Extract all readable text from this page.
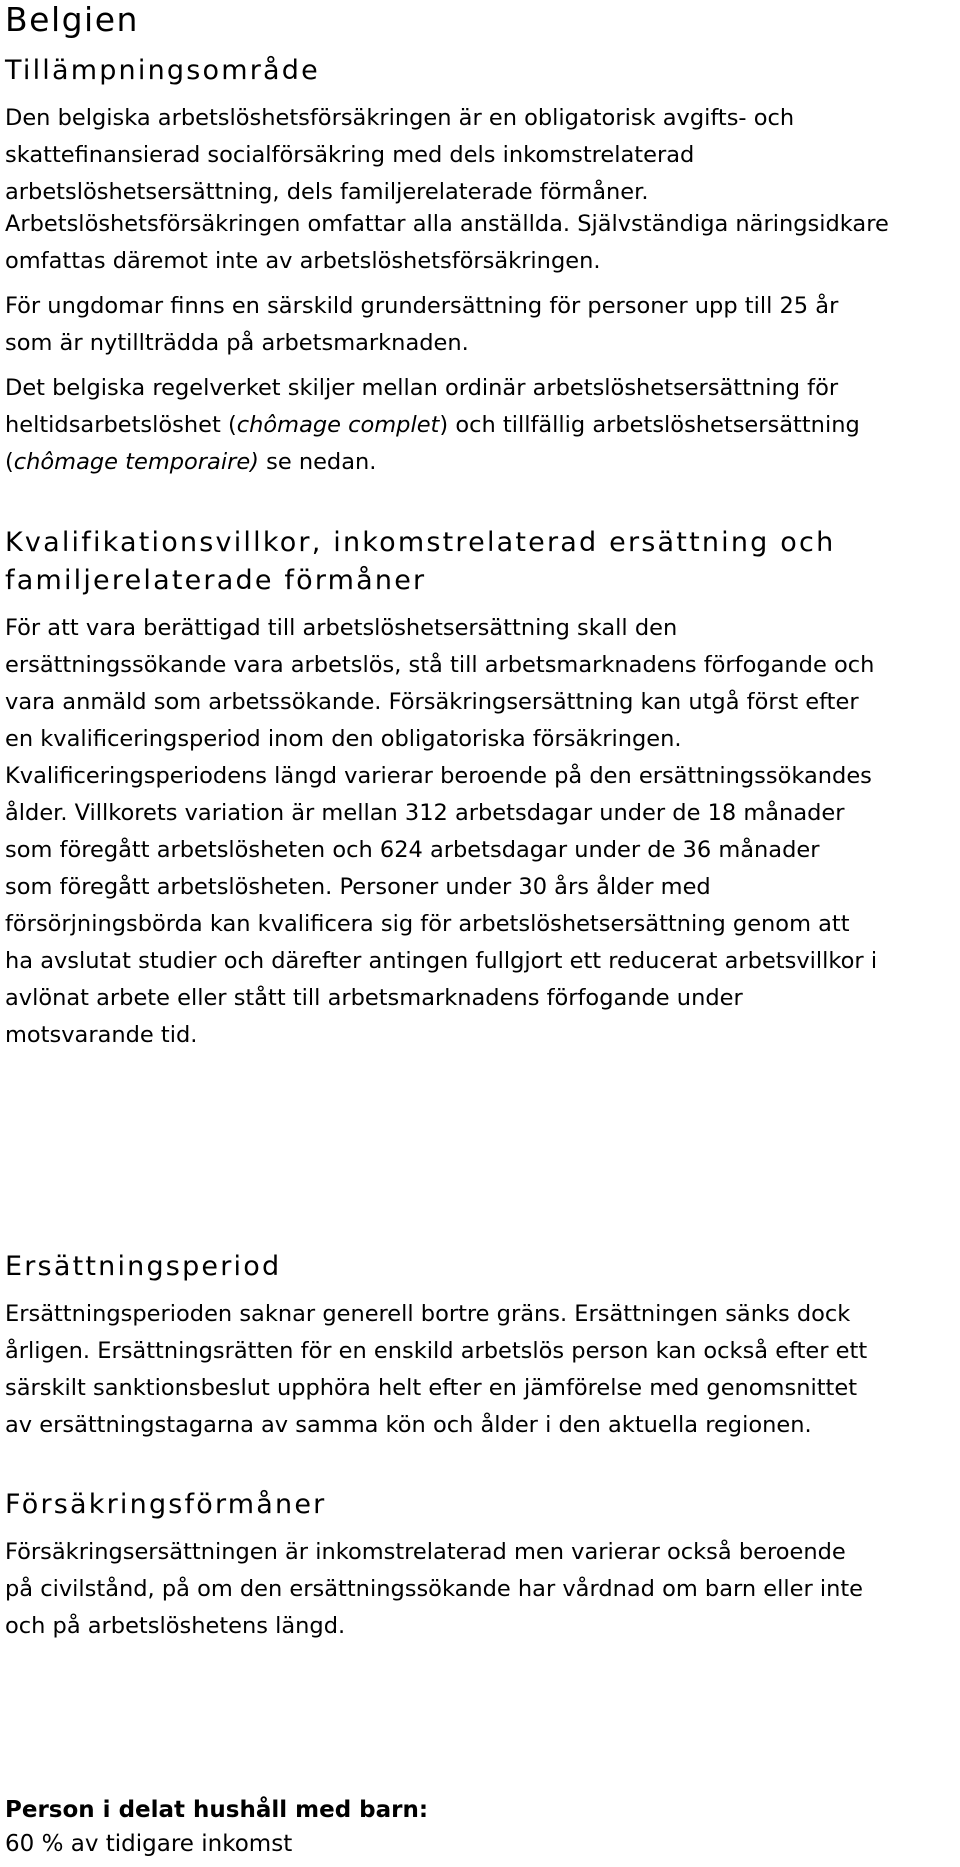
Belgien
Tillämpningsområde

Den belgiska arbetslöshetsförsäkringen är en obligatorisk avgifts- och
skattefinansierad socialförsäkring med dels inkomstrelaterad
arbetslöshetsersättning, dels familjerelaterade förmåner.

Arbetslöshetsförsäkringen omfattar alla anställda. Självständiga näringsidkare
omfattas däremot inte av arbetslöshetsförsäkringen.

För ungdomar finns en särskild grundersättning för personer upp till 25 år
som är nytillträdda på arbetsmarknaden.

Det belgiska regelverket skiljer mellan ordinär arbetslöshetsersättning för
heltidsarbetslöshet (chômage complet) och tillfällig arbetslöshetsersättning
(chômage temporaire) se nedan.

Kvalifikationsvillkor, inkomstrelaterad ersättning och
familjerelaterade förmåner

För att vara berättigad till arbetslöshetsersättning skall den
ersättningssökande vara arbetslös, stå till arbetsmarknadens förfogande och
vara anmäld som arbetssökande. Försäkringsersättning kan utgå först efter
en kvalificeringsperiod inom den obligatoriska försäkringen.
Kvalificeringsperiodens längd varierar beroende på den ersättningssökandes
ålder. Villkorets variation är mellan 312 arbetsdagar under de 18 månader
som föregått arbetslösheten och 624 arbetsdagar under de 36 månader
som föregått arbetslösheten. Personer under 30 års ålder med
försörjningsbörda kan kvalificera sig för arbetslöshetsersättning genom att
ha avslutat studier och därefter antingen fullgjort ett reducerat arbetsvillkor i
avlönat arbete eller stått till arbetsmarknadens förfogande under
motsvarande tid.

Ersättningsperiod

Ersättningsperioden saknar generell bortre gräns. Ersättningen sänks dock
årligen. Ersättningsrätten för en enskild arbetslös person kan också efter ett
särskilt sanktionsbeslut upphöra helt efter en jämförelse med genomsnittet
av ersättningstagarna av samma kön och ålder i den aktuella regionen.

Försäkringsförmåner

Försäkringsersättningen är inkomstrelaterad men varierar också beroende
på civilstånd, på om den ersättningssökande har vårdnad om barn eller inte
och på arbetslöshetens längd.

Person i delat hushåll med barn:

60 % av tidigare inkomst
